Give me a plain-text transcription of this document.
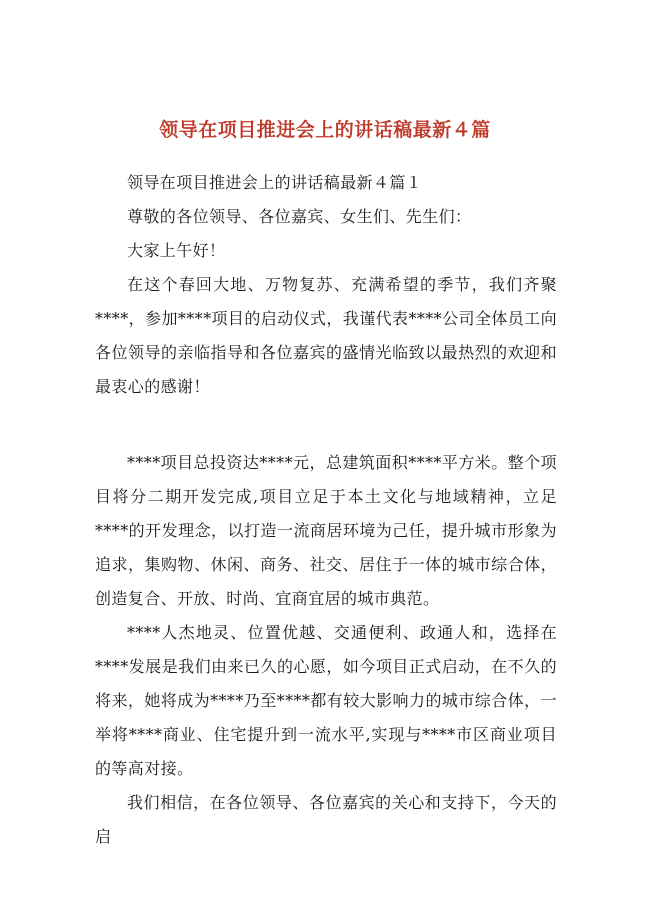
领导在项目推进会上的讲话稿最新４篇

领导在项目推进会上的讲话稿最新４篇１

尊敬的各位领导、各位嘉宾、女生们、先生们：

大家上午好！

在这个春回大地、万物复苏、充满希望的季节，我们齐聚****，参加****项目的启动仪式，我谨代表****公司全体员工向各位领导的亲临指导和各位嘉宾的盛情光临致以最热烈的欢迎和最衷心的感谢！

****项目总投资达****元，总建筑面积****平方米。整个项目将分二期开发完成,项目立足于本土文化与地域精神，立足****的开发理念，以打造一流商居环境为己任，提升城市形象为追求，集购物、休闲、商务、社交、居住于一体的城市综合体，创造复合、开放、时尚、宜商宜居的城市典范。

****人杰地灵、位置优越、交通便利、政通人和，选择在****发展是我们由来已久的心愿，如今项目正式启动，在不久的将来，她将成为****乃至****都有较大影响力的城市综合体，一举将****商业、住宅提升到一流水平,实现与****市区商业项目的等高对接。

我们相信，在各位领导、各位嘉宾的关心和支持下，今天的启
